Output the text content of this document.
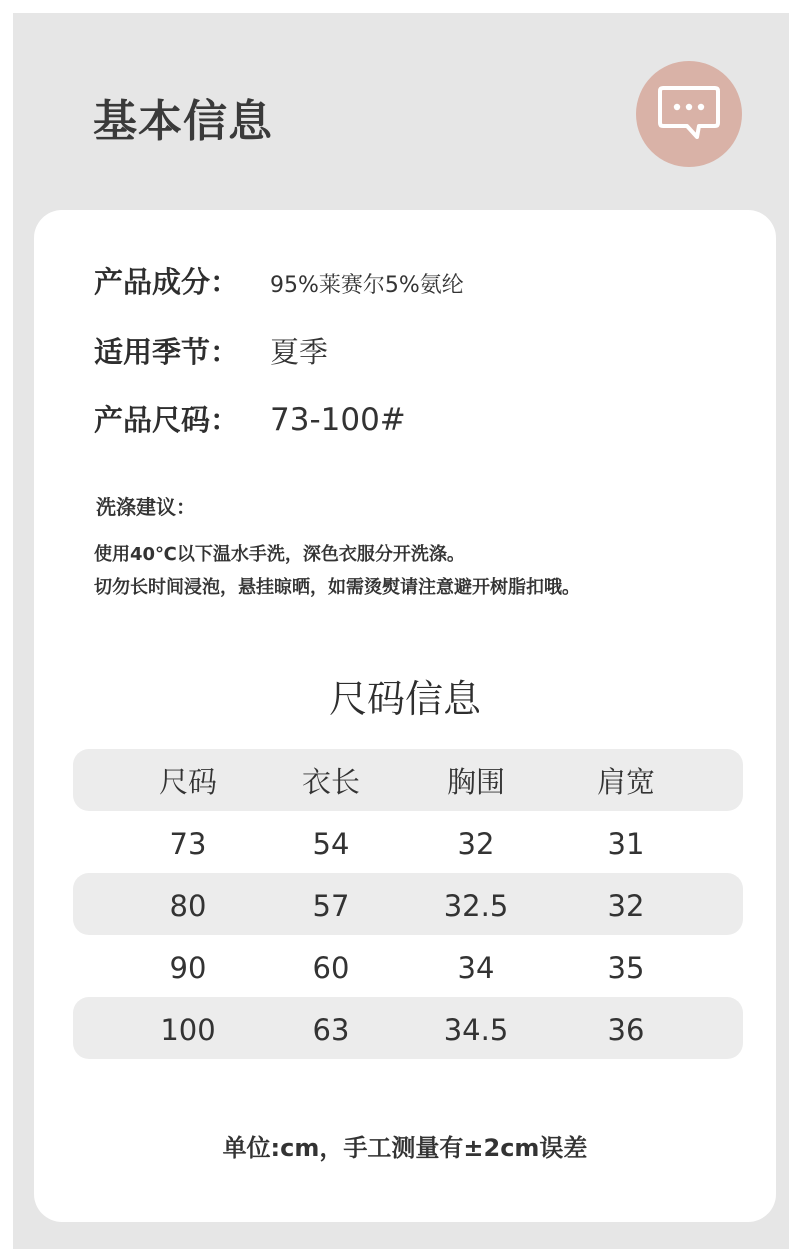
基本信息
产品成分：	95%莱赛尔5%氨纶
适用季节：	夏季
产品尺码： 73-100#
洗涤建议：
使用40℃以下温水手洗，深色衣服分开洗涤。
切勿长时间浸泡，悬挂晾晒，如需烫熨请注意避开树脂扣哦。
尺码信息
尺码	衣长	胸围	肩宽
73	54	32	31
80	57	32.5	32
90	60	34	35
100	63	34.5	36
单位:cm，手工测量有±2cm误差
